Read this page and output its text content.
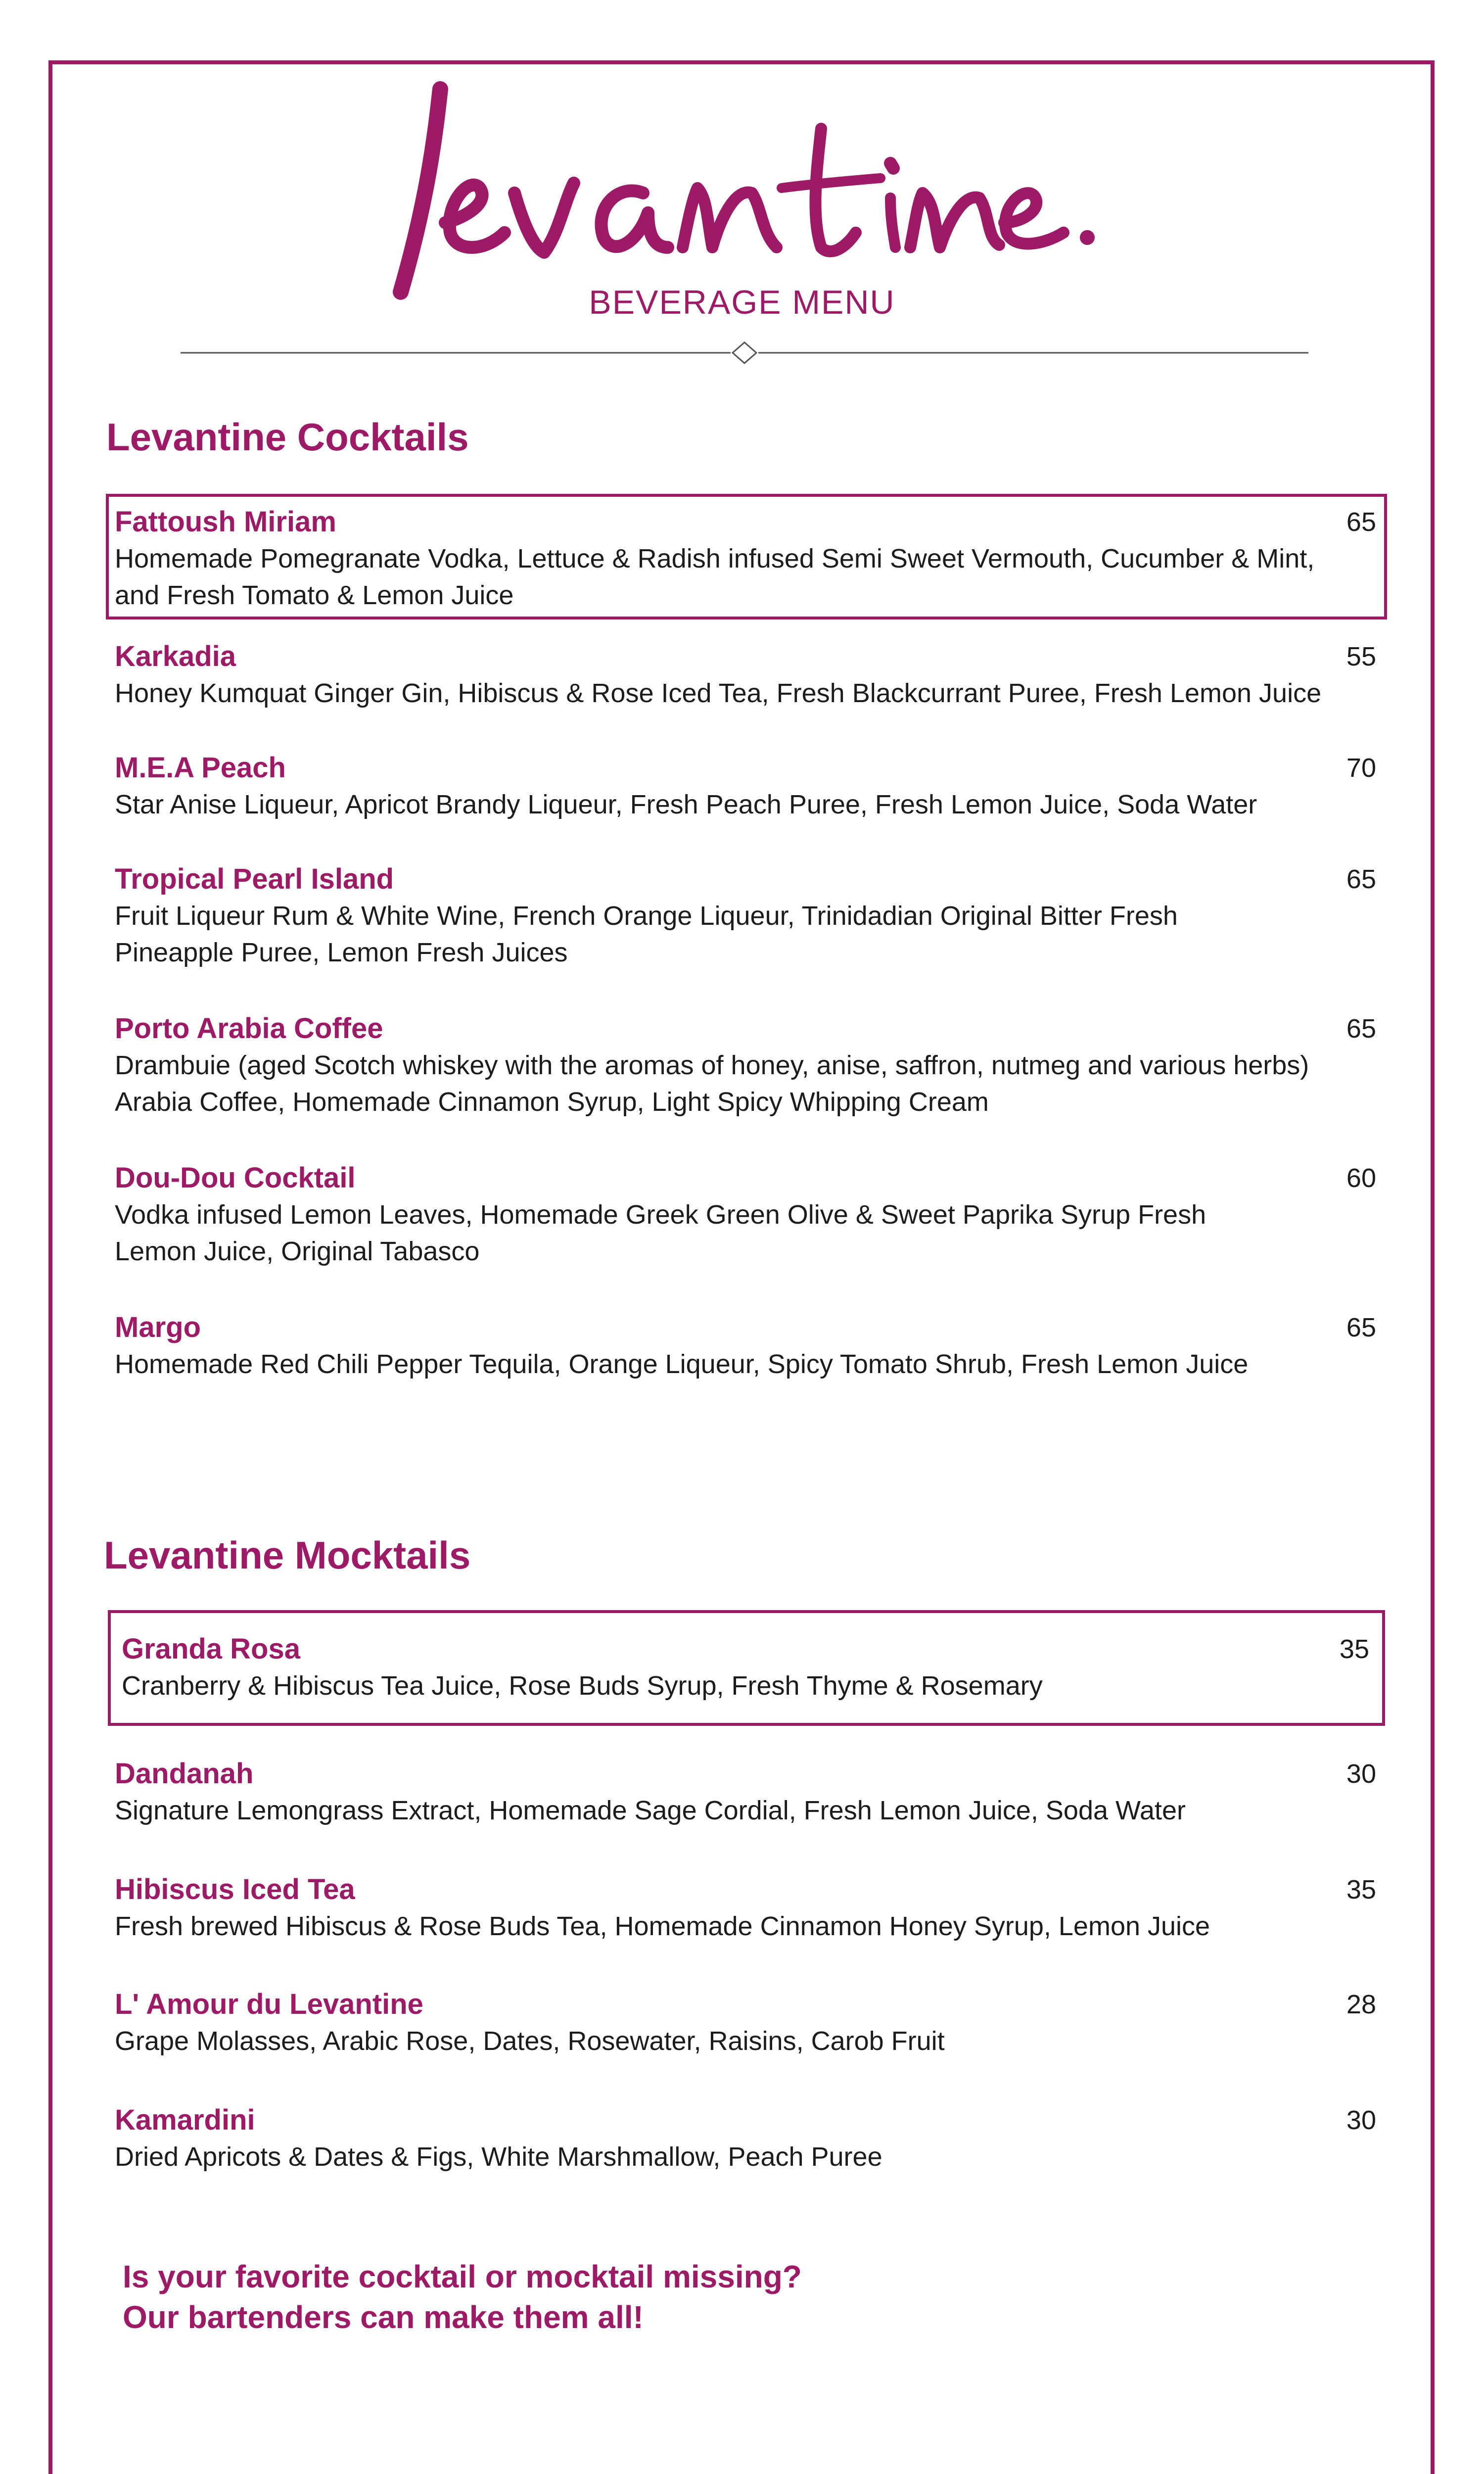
levantine.
BEVERAGE MENU
Levantine Cocktails
Fattoush Miriam
Homemade Pomegranate Vodka, Lettuce & Radish infused Semi Sweet Vermouth, Cucumber & Mint, and Fresh Tomato & Lemon Juice
65
Karkadia
Honey Kumquat Ginger Gin, Hibiscus & Rose Iced Tea, Fresh Blackcurrant Puree, Fresh Lemon Juice
55
M.E.A Peach
Star Anise Liqueur, Apricot Brandy Liqueur, Fresh Peach Puree, Fresh Lemon Juice, Soda Water
70
Tropical Pearl Island
Fruit Liqueur Rum & White Wine, French Orange Liqueur, Trinidadian Original Bitter Fresh Pineapple Puree, Lemon Fresh Juices
65
Porto Arabia Coffee
Drambuie (aged Scotch whiskey with the aromas of honey, anise, saffron, nutmeg and various herbs) Arabia Coffee, Homemade Cinnamon Syrup, Light Spicy Whipping Cream
65
Dou-Dou Cocktail
Vodka infused Lemon Leaves, Homemade Greek Green Olive & Sweet Paprika Syrup Fresh Lemon Juice, Original Tabasco
60
Margo
Homemade Red Chili Pepper Tequila, Orange Liqueur, Spicy Tomato Shrub, Fresh Lemon Juice
65
Levantine Mocktails
Granda Rosa
Cranberry & Hibiscus Tea Juice, Rose Buds Syrup, Fresh Thyme & Rosemary
35
Dandanah
Signature Lemongrass Extract, Homemade Sage Cordial, Fresh Lemon Juice, Soda Water
30
Hibiscus Iced Tea
Fresh brewed Hibiscus & Rose Buds Tea, Homemade Cinnamon Honey Syrup, Lemon Juice
35
L' Amour du Levantine
Grape Molasses, Arabic Rose, Dates, Rosewater, Raisins, Carob Fruit
28
Kamardini
Dried Apricots & Dates & Figs, White Marshmallow, Peach Puree
30
Is your favorite cocktail or mocktail missing?
Our bartenders can make them all!
